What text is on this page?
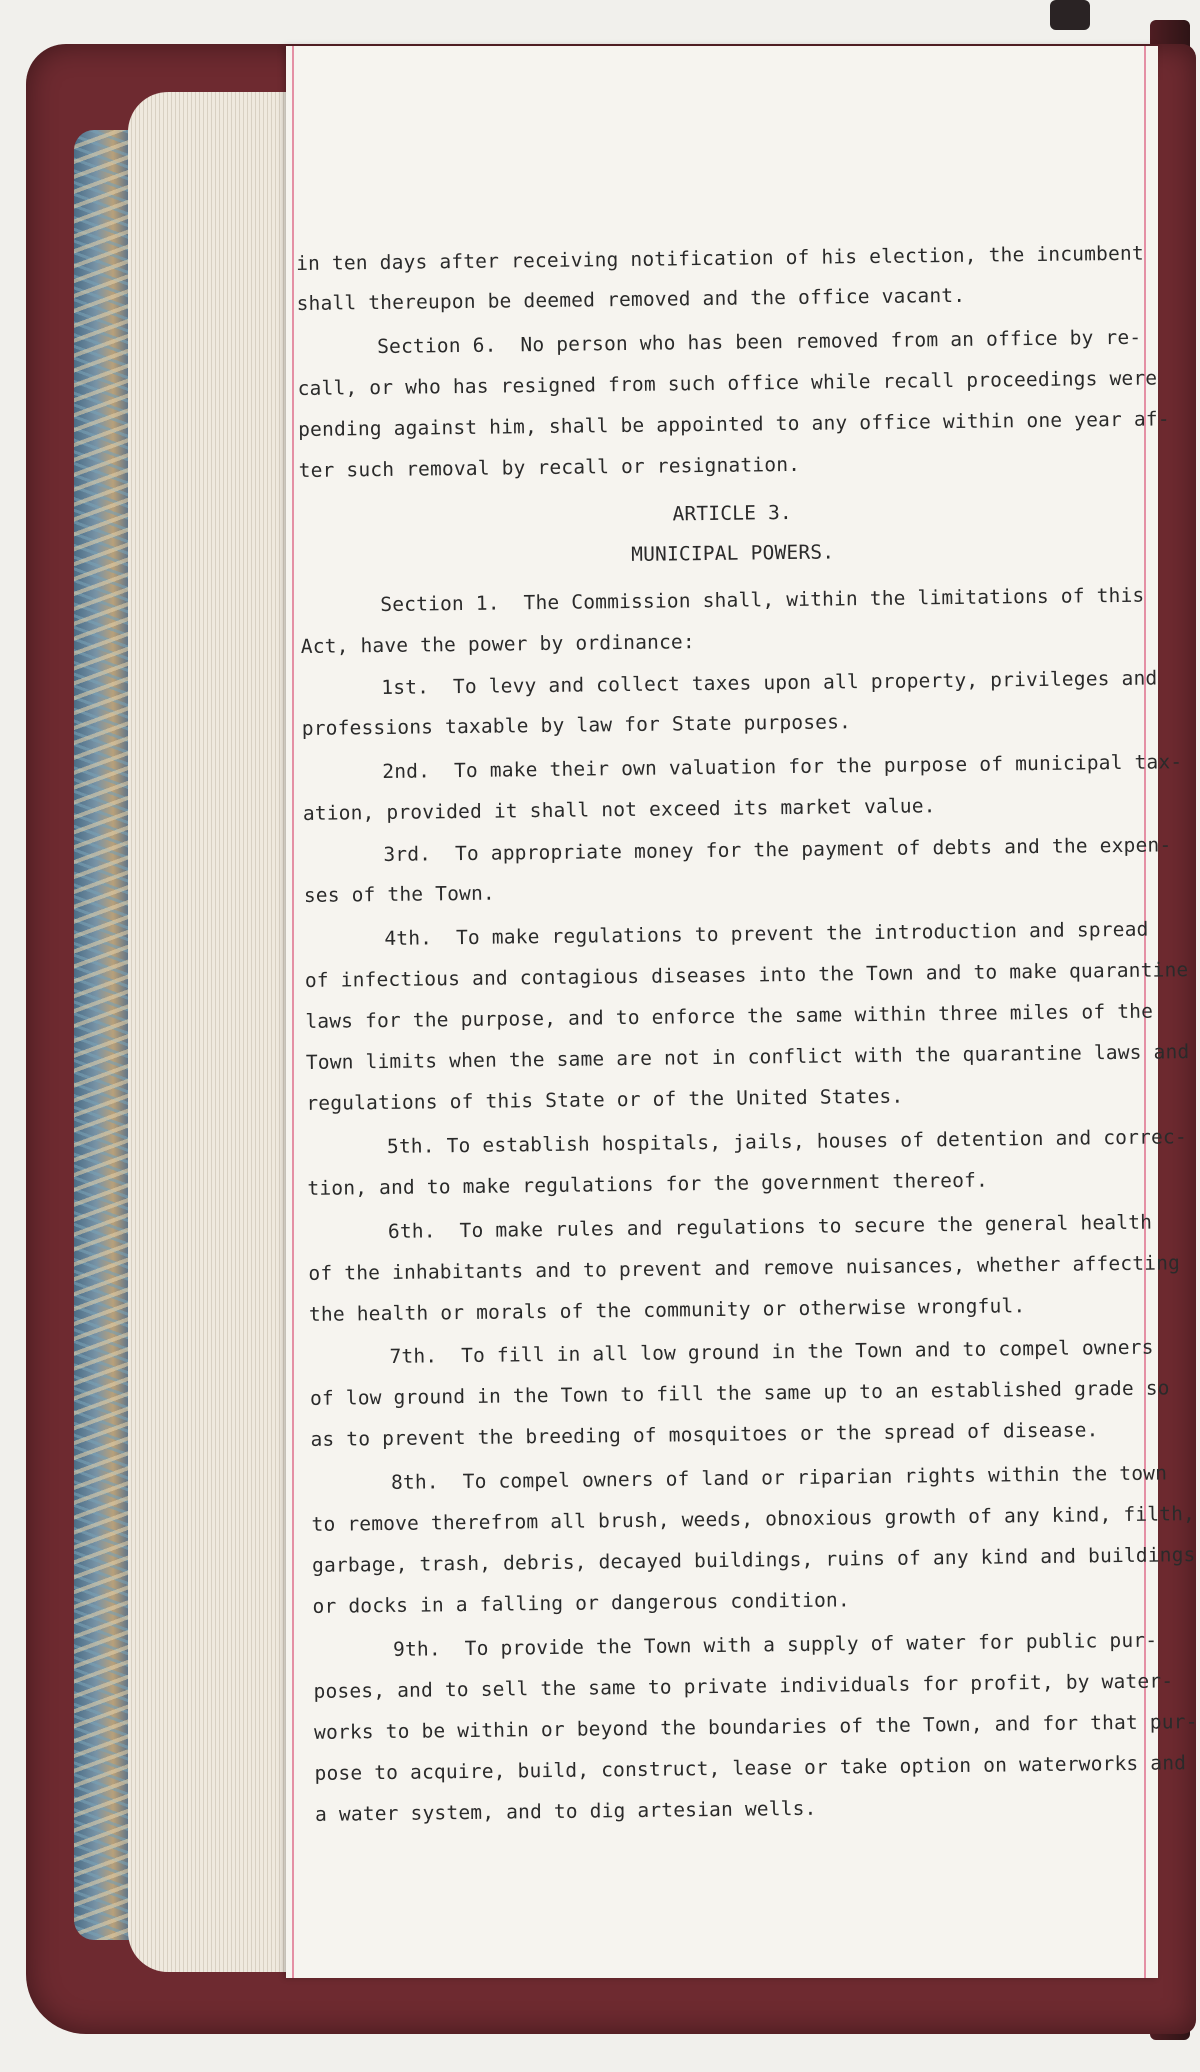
in ten days after receiving notification of his election, the incumbent
shall thereupon be deemed removed and the office vacant.
Section 6.  No person who has been removed from an office by re-
call, or who has resigned from such office while recall proceedings were
pending against him, shall be appointed to any office within one year af-
ter such removal by recall or resignation.
ARTICLE 3.
MUNICIPAL POWERS.
Section 1.  The Commission shall, within the limitations of this
Act, have the power by ordinance:
1st.  To levy and collect taxes upon all property, privileges and
professions taxable by law for State purposes.
2nd.  To make their own valuation for the purpose of municipal tax-
ation, provided it shall not exceed its market value.
3rd.  To appropriate money for the payment of debts and the expen-
ses of the Town.
4th.  To make regulations to prevent the introduction and spread
of infectious and contagious diseases into the Town and to make quarantine
laws for the purpose, and to enforce the same within three miles of the
Town limits when the same are not in conflict with the quarantine laws and
regulations of this State or of the United States.
5th. To establish hospitals, jails, houses of detention and correc-
tion, and to make regulations for the government thereof.
6th.  To make rules and regulations to secure the general health
of the inhabitants and to prevent and remove nuisances, whether affecting
the health or morals of the community or otherwise wrongful.
7th.  To fill in all low ground in the Town and to compel owners
of low ground in the Town to fill the same up to an established grade so
as to prevent the breeding of mosquitoes or the spread of disease.
8th.  To compel owners of land or riparian rights within the town
to remove therefrom all brush, weeds, obnoxious growth of any kind, filth,
garbage, trash, debris, decayed buildings, ruins of any kind and buildings
or docks in a falling or dangerous condition.
9th.  To provide the Town with a supply of water for public pur-
poses, and to sell the same to private individuals for profit, by water-
works to be within or beyond the boundaries of the Town, and for that pur-
pose to acquire, build, construct, lease or take option on waterworks and
a water system, and to dig artesian wells.
